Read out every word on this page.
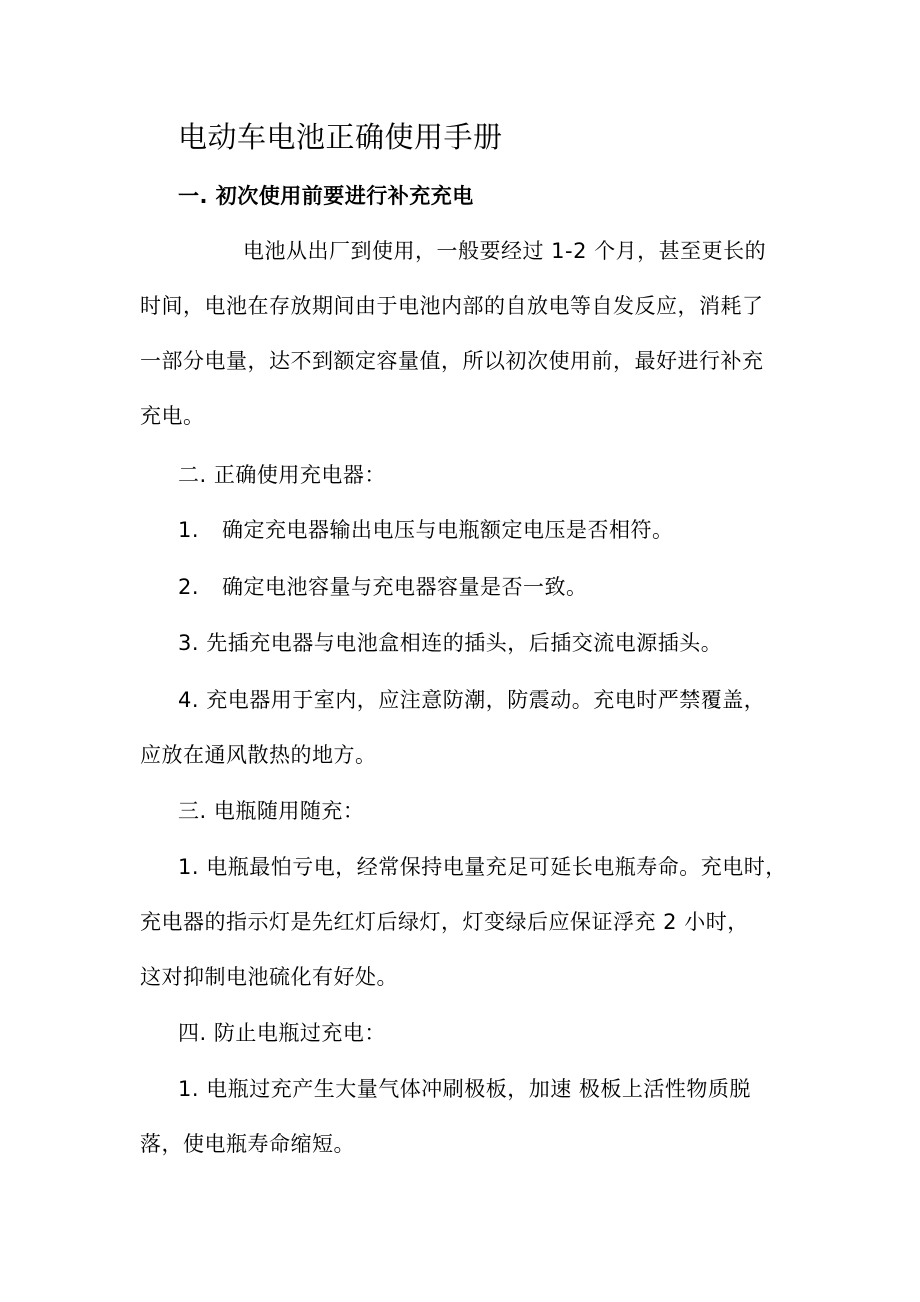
电动车电池正确使用手册
一. 初次使用前要进行补充充电
电池从出厂到使用，一般要经过 1-2 个月，甚至更长的
时间，电池在存放期间由于电池内部的自放电等自发反应，消耗了
一部分电量，达不到额定容量值，所以初次使用前，最好进行补充
充电。
二. 正确使用充电器：
1. 确定充电器输出电压与电瓶额定电压是否相符。
2. 确定电池容量与充电器容量是否一致。
3. 先插充电器与电池盒相连的插头，后插交流电源插头。
4. 充电器用于室内，应注意防潮，防震动。充电时严禁覆盖，
应放在通风散热的地方。
三. 电瓶随用随充：
1. 电瓶最怕亏电，经常保持电量充足可延长电瓶寿命。充电时，
充电器的指示灯是先红灯后绿灯，灯变绿后应保证浮充 2 小时，
这对抑制电池硫化有好处。
四. 防止电瓶过充电：
1. 电瓶过充产生大量气体冲刷极板，加速 极板上活性物质脱
落，使电瓶寿命缩短。
